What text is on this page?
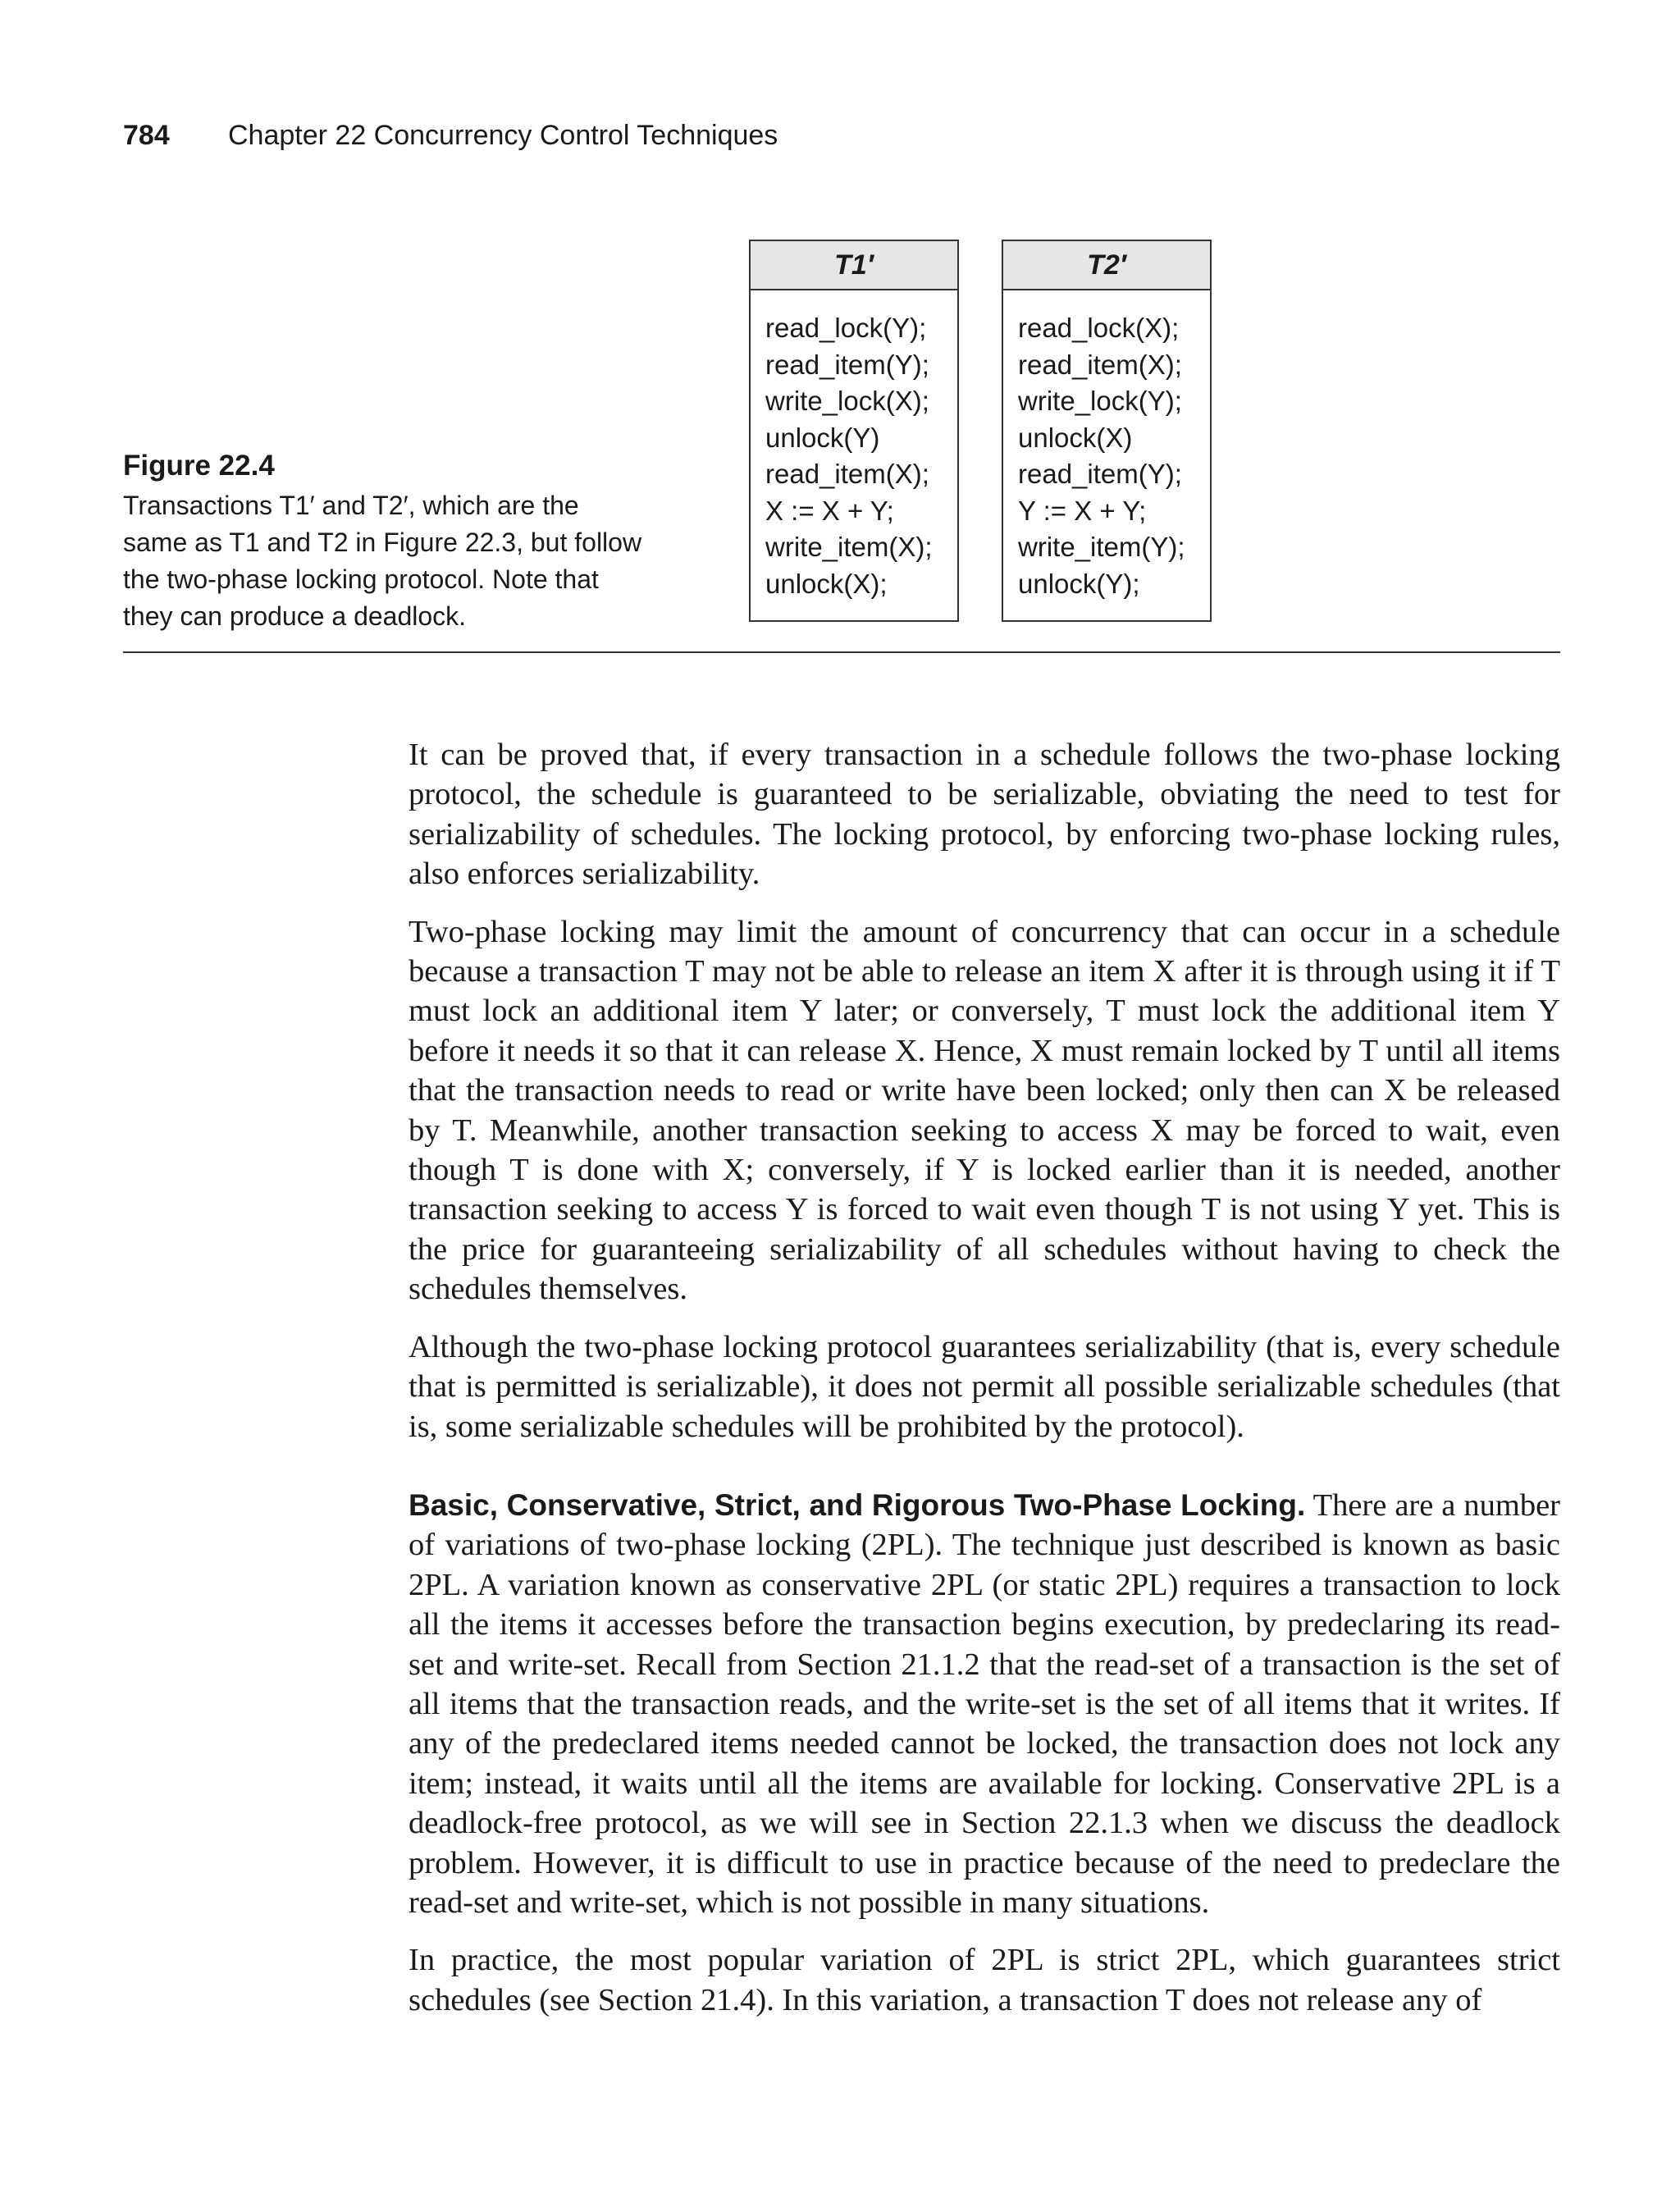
784 Chapter 22 Concurrency Control Techniques
Figure 22.4
Transactions T1′ and T2′, which are the same as T1 and T2 in Figure 22.3, but follow the two-phase locking protocol. Note that they can produce a deadlock.
T1′
read_lock(Y);
read_item(Y);
write_lock(X);
unlock(Y)
read_item(X);
X := X + Y;
write_item(X);
unlock(X);
T2′
read_lock(X);
read_item(X);
write_lock(Y);
unlock(X)
read_item(Y);
Y := X + Y;
write_item(Y);
unlock(Y);

It can be proved that, if every transaction in a schedule follows the two-phase locking protocol, the schedule is guaranteed to be serializable, obviating the need to test for serializability of schedules. The locking protocol, by enforcing two-phase locking rules, also enforces serializability.

Two-phase locking may limit the amount of concurrency that can occur in a schedule because a transaction T may not be able to release an item X after it is through using it if T must lock an additional item Y later; or conversely, T must lock the additional item Y before it needs it so that it can release X. Hence, X must remain locked by T until all items that the transaction needs to read or write have been locked; only then can X be released by T. Meanwhile, another transaction seeking to access X may be forced to wait, even though T is done with X; conversely, if Y is locked earlier than it is needed, another transaction seeking to access Y is forced to wait even though T is not using Y yet. This is the price for guaranteeing serializability of all schedules without having to check the schedules themselves.

Although the two-phase locking protocol guarantees serializability (that is, every schedule that is permitted is serializable), it does not permit all possible serializable schedules (that is, some serializable schedules will be prohibited by the protocol).

Basic, Conservative, Strict, and Rigorous Two-Phase Locking. There are a number of variations of two-phase locking (2PL). The technique just described is known as basic 2PL. A variation known as conservative 2PL (or static 2PL) requires a transaction to lock all the items it accesses before the transaction begins execution, by predeclaring its read-set and write-set. Recall from Section 21.1.2 that the read-set of a transaction is the set of all items that the transaction reads, and the write-set is the set of all items that it writes. If any of the predeclared items needed cannot be locked, the transaction does not lock any item; instead, it waits until all the items are available for locking. Conservative 2PL is a deadlock-free protocol, as we will see in Section 22.1.3 when we discuss the deadlock problem. However, it is difficult to use in practice because of the need to predeclare the read-set and write-set, which is not possible in many situations.

In practice, the most popular variation of 2PL is strict 2PL, which guarantees strict schedules (see Section 21.4). In this variation, a transaction T does not release any of
